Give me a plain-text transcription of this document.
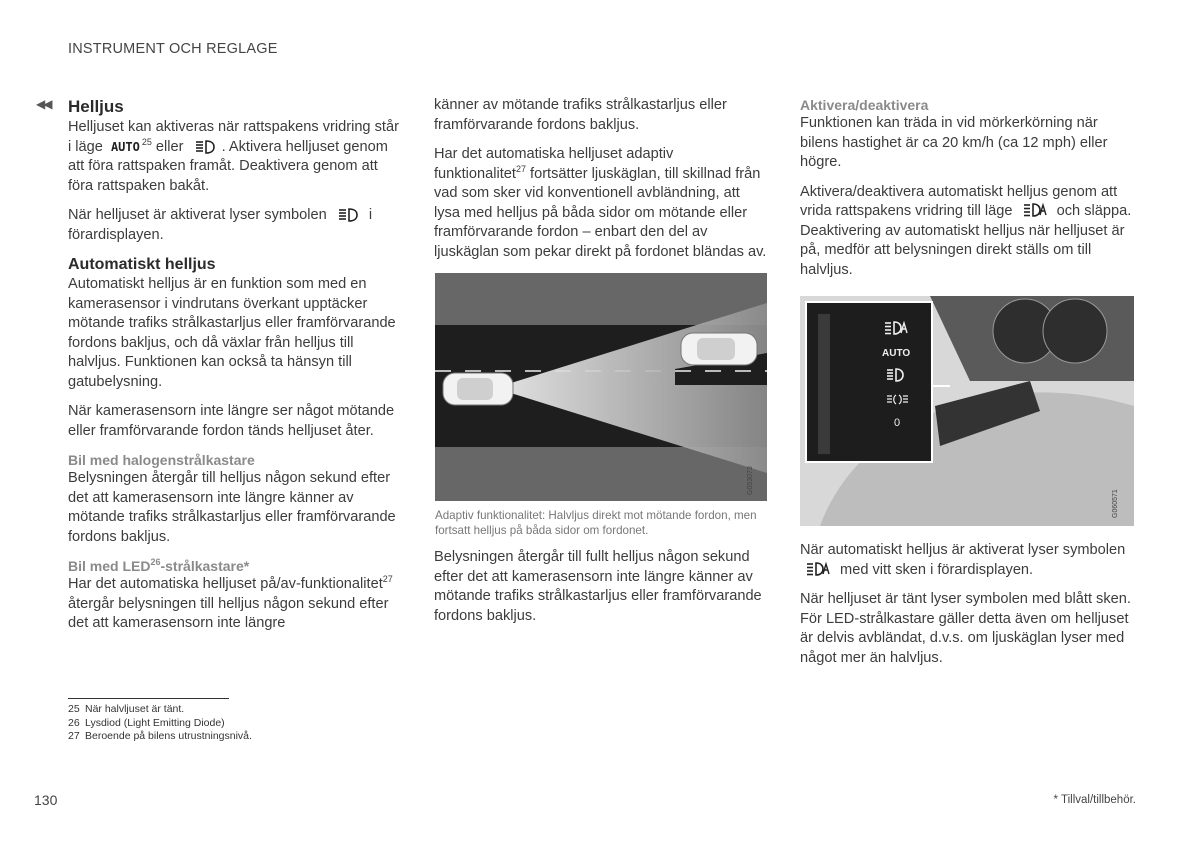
INSTRUMENT OCH REGLAGE
◀◀ Helljus

Helljuset kan aktiveras när rattspakens vridring står i läge AUTO $^{25}$ eller . Aktivera helljuset genom att föra rattspaken framåt. Deaktivera genom att föra rattspaken bakåt.

När helljuset är aktiverat lyser symbolen  i förardisplayen.

Automatiskt helljus

Automatiskt helljus är en funktion som med en kamerasensor i vindrutans överkant upptäcker mötande trafiks strålkastarljus eller framförvarande fordons bakljus, och då växlar från helljus till halvljus. Funktionen kan också ta hänsyn till gatubelysning.

När kamerasensorn inte längre ser något mötande eller framförvarande fordon tänds helljuset åter.

Bil med halogenstrålkastare

Belysningen återgår till helljus någon sekund efter det att kamerasensorn inte längre känner av mötande trafiks strålkastarljus eller framförvarande fordons bakljus.

Bil med LED$^{26}$-strålkastare*

Har det automatiska helljuset på/av-funktionalitet$^{27}$ återgår belysningen till helljus någon sekund efter det att kamerasensorn inte längre

känner av mötande trafiks strålkastarljus eller framförvarande fordons bakljus.

Har det automatiska helljuset adaptiv funktionalitet$^{27}$ fortsätter ljuskäglan, till skillnad från vad som sker vid konventionell avbländning, att lysa med helljus på båda sidor om mötande eller framförvarande fordon – enbart den del av ljuskäglan som pekar direkt på fordonet bländas av.

G053073
Adaptiv funktionalitet: Halvljus direkt mot mötande fordon, men fortsatt helljus på båda sidor om fordonet.

Belysningen återgår till fullt helljus någon sekund efter det att kamerasensorn inte längre känner av mötande trafiks strålkastarljus eller framförvarande fordons bakljus.

Aktivera/deaktivera

Funktionen kan träda in vid mörkerkörning när bilens hastighet är ca 20 km/h (ca 12 mph) eller högre.

Aktivera/deaktivera automatiskt helljus genom att vrida rattspakens vridring till läge  och släppa. Deaktivering av automatiskt helljus när helljuset är på, medför att belysningen direkt ställs om till halvljus.

AUTO
0
G060571

När automatiskt helljus är aktiverat lyser symbolen  med vitt sken i förardisplayen.

När helljuset är tänt lyser symbolen med blått sken. För LED-strålkastare gäller detta även om helljuset är delvis avbländat, d.v.s. om ljuskäglan lyser med något mer än halvljus.

25 När halvljuset är tänt.
26 Lysdiod (Light Emitting Diode)
27 Beroende på bilens utrustningsnivå.
130	* Tillval/tillbehör.
